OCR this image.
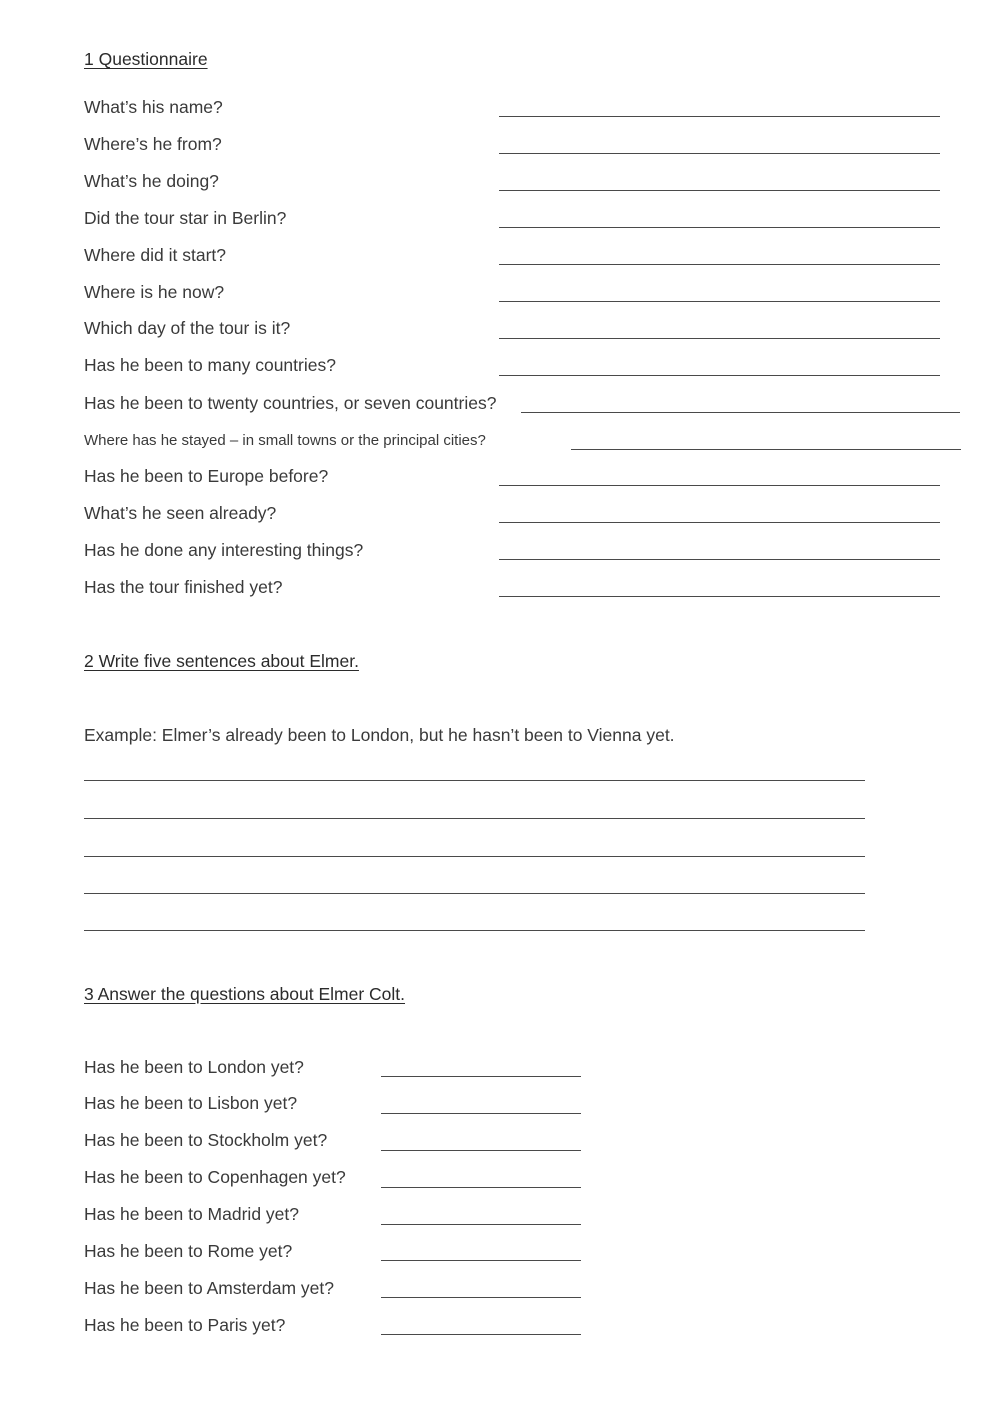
1 Questionnaire
What’s his name?
Where’s he from?
What’s he doing?
Did the tour star in Berlin?
Where did it start?
Where is he now?
Which day of the tour is it?
Has he been to many countries?
Has he been to twenty countries, or seven countries?
Where has he stayed – in small towns or the principal cities?
Has he been to Europe before?
What’s he seen already?
Has he done any interesting things?
Has the tour finished yet?
2 Write five sentences about Elmer.
Example: Elmer’s already been to London, but he hasn’t been to Vienna yet.
3 Answer the questions about Elmer Colt.
Has he been to London yet?
Has he been to Lisbon yet?
Has he been to Stockholm yet?
Has he been to Copenhagen yet?
Has he been to Madrid yet?
Has he been to Rome yet?
Has he been to Amsterdam yet?
Has he been to Paris yet?
